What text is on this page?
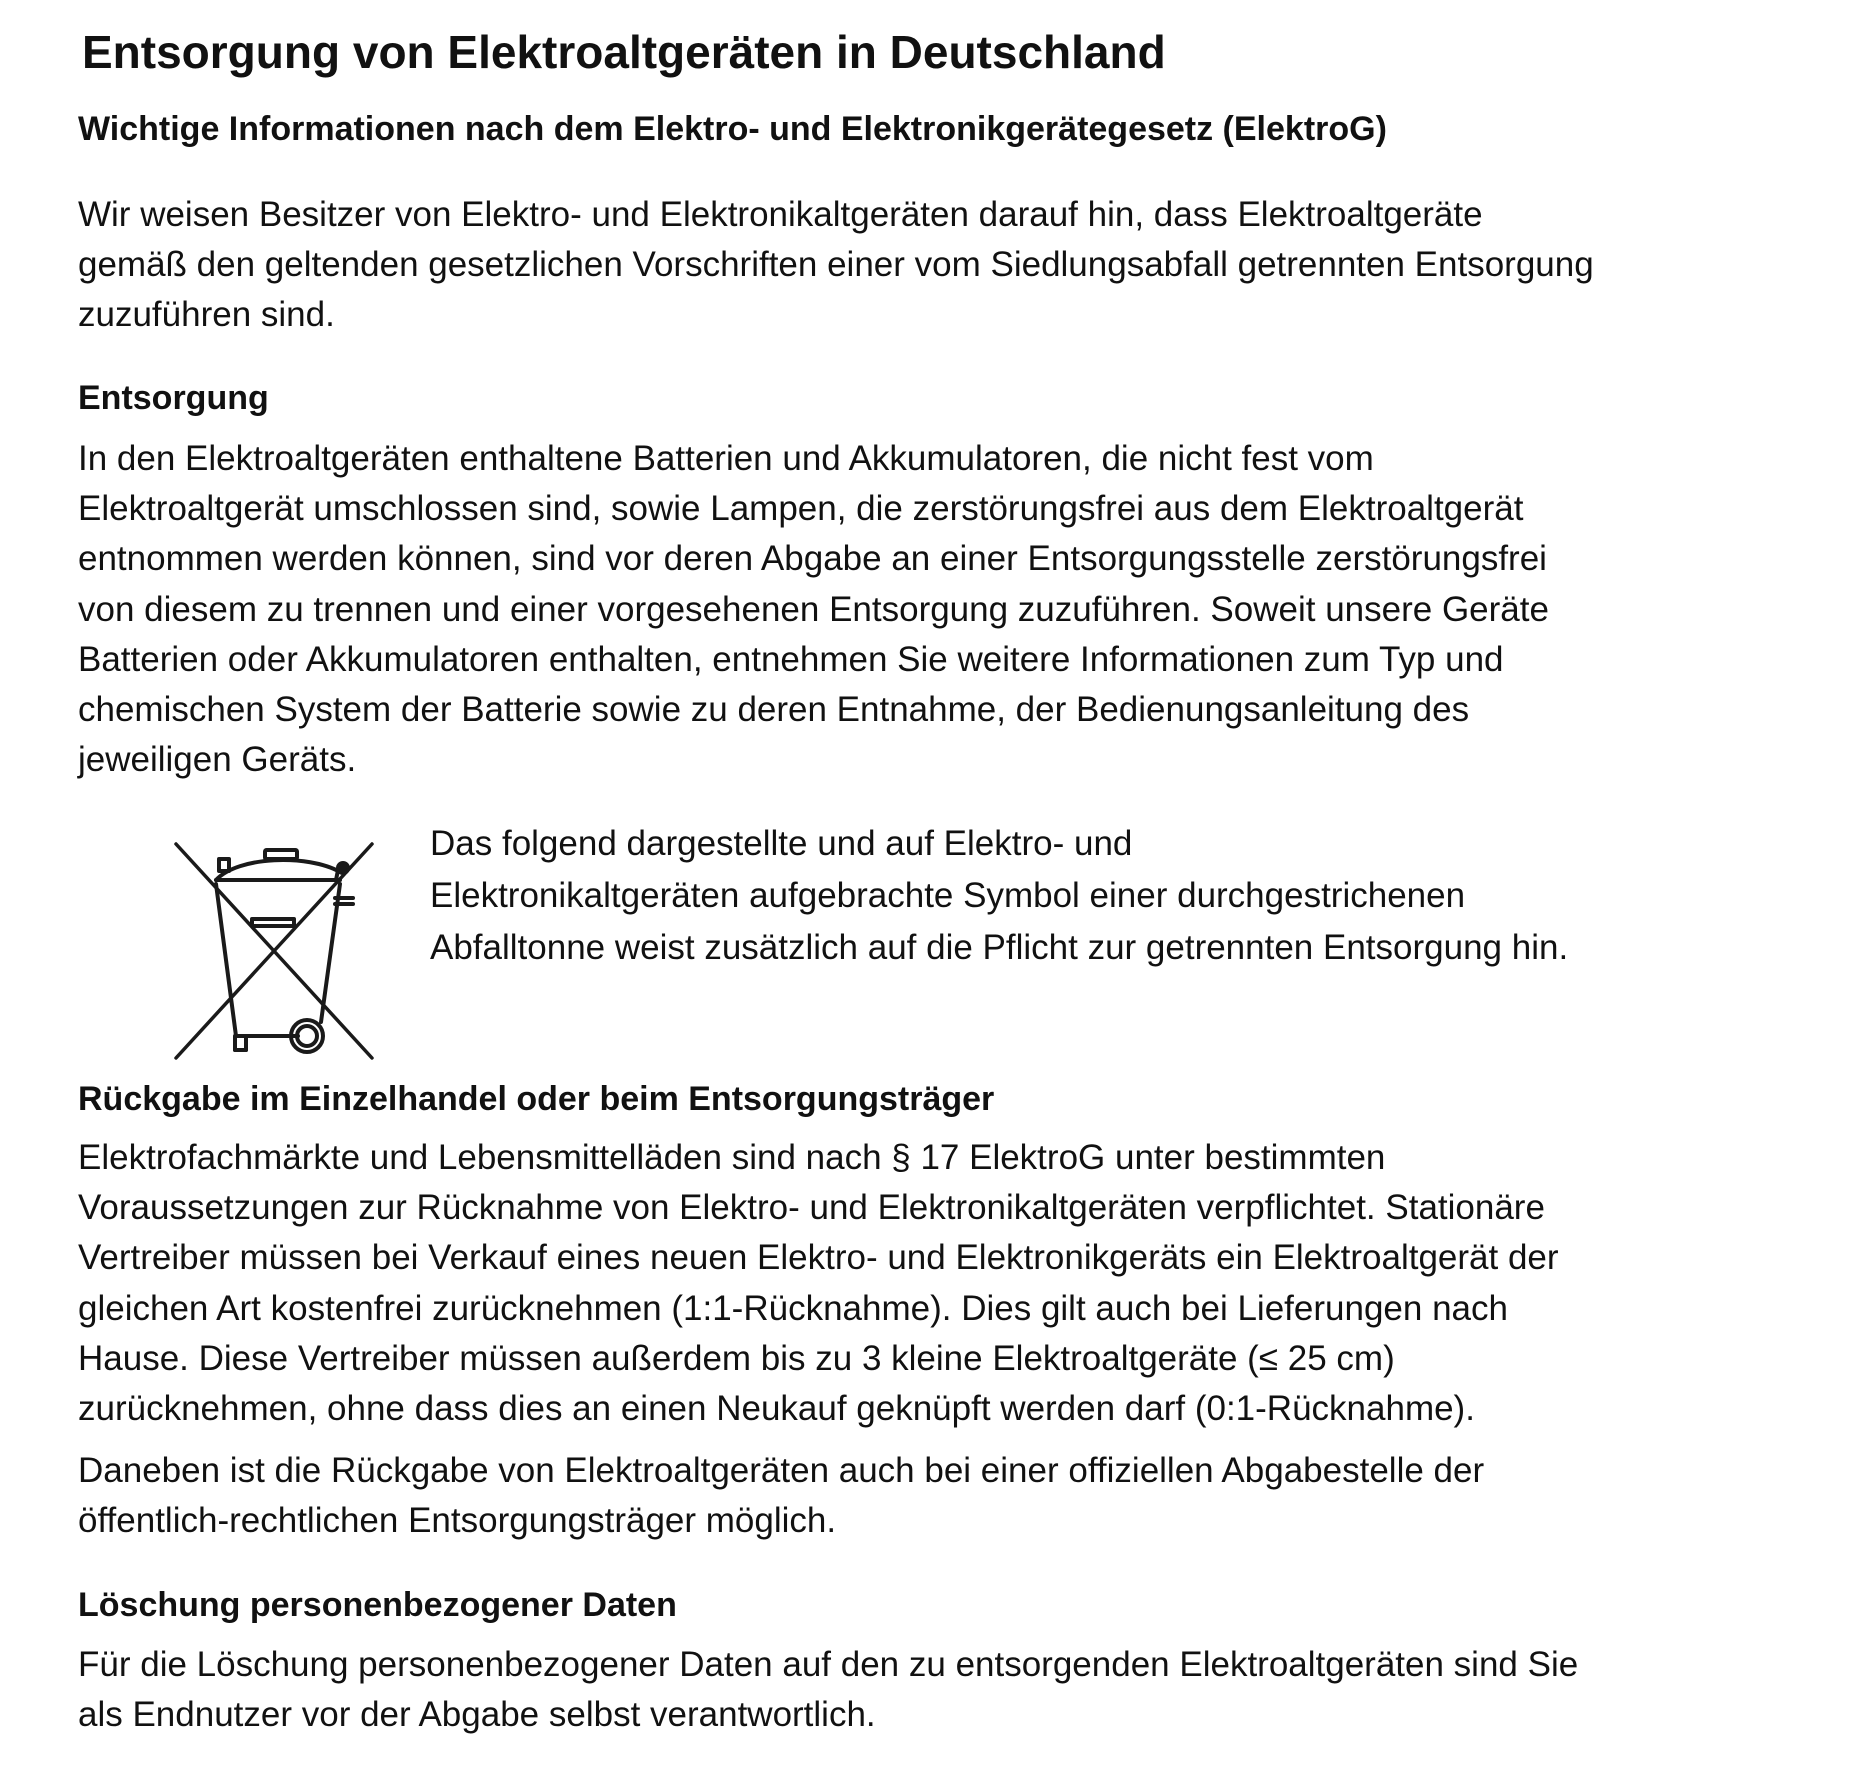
Entsorgung von Elektroaltgeräten in Deutschland
Wichtige Informationen nach dem Elektro- und Elektronikgerätegesetz (ElektroG)

Wir weisen Besitzer von Elektro- und Elektronikaltgeräten darauf hin, dass Elektroaltgeräte
gemäß den geltenden gesetzlichen Vorschriften einer vom Siedlungsabfall getrennten Entsorgung
zuzuführen sind.

Entsorgung

In den Elektroaltgeräten enthaltene Batterien und Akkumulatoren, die nicht fest vom
Elektroaltgerät umschlossen sind, sowie Lampen, die zerstörungsfrei aus dem Elektroaltgerät
entnommen werden können, sind vor deren Abgabe an einer Entsorgungsstelle zerstörungsfrei
von diesem zu trennen und einer vorgesehenen Entsorgung zuzuführen. Soweit unsere Geräte
Batterien oder Akkumulatoren enthalten, entnehmen Sie weitere Informationen zum Typ und
chemischen System der Batterie sowie zu deren Entnahme, der Bedienungsanleitung des
jeweiligen Geräts.

Das folgend dargestellte und auf Elektro- und
Elektronikaltgeräten aufgebrachte Symbol einer durchgestrichenen
Abfalltonne weist zusätzlich auf die Pflicht zur getrennten Entsorgung hin.

Rückgabe im Einzelhandel oder beim Entsorgungsträger

Elektrofachmärkte und Lebensmittelläden sind nach § 17 ElektroG unter bestimmten
Voraussetzungen zur Rücknahme von Elektro- und Elektronikaltgeräten verpflichtet. Stationäre
Vertreiber müssen bei Verkauf eines neuen Elektro- und Elektronikgeräts ein Elektroaltgerät der
gleichen Art kostenfrei zurücknehmen (1:1-Rücknahme). Dies gilt auch bei Lieferungen nach
Hause. Diese Vertreiber müssen außerdem bis zu 3 kleine Elektroaltgeräte (≤ 25 cm)
zurücknehmen, ohne dass dies an einen Neukauf geknüpft werden darf (0:1-Rücknahme).

Daneben ist die Rückgabe von Elektroaltgeräten auch bei einer offiziellen Abgabestelle der
öffentlich-rechtlichen Entsorgungsträger möglich.

Löschung personenbezogener Daten

Für die Löschung personenbezogener Daten auf den zu entsorgenden Elektroaltgeräten sind Sie
als Endnutzer vor der Abgabe selbst verantwortlich.
